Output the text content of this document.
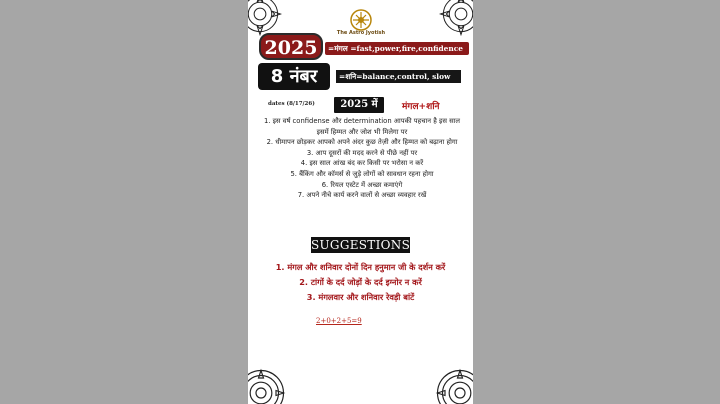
The Astro Jyotish
2025	=मंगल =fast,power,fire,confidence
8 नंबर	=शनि=balance,control, slow
dates (8/17/26)	2025 में	मंगल+शनि
1. इस वर्ष confidense और determination आपकी पहचान है इस साल इसमें हिम्मत और जोश भी मिलेगा पर
2. धीमापन छोड़कर आपको अपने अंदर कुछ तेज़ी और हिम्मत को बढ़ाना होगा
3. आप दूसरों की मदद करने से पीछे नहीं पर
4. इस साल आंख बंद कर किसी पर भरोसा न करें
5. बैंकिंग और कॉमर्स से जुड़े लोगों को सावधान रहना होगा
6. रियल एस्टेट में अच्छा कमाएंगे
7. अपने नीचे कार्य करने वालों से अच्छा व्यवहार रखें
SUGGESTIONS
1. मंगल और शनिवार दोनों दिन हनुमान जी के दर्शन करें
2. टांगों के दर्द जोड़ों के दर्द इग्नोर न करें
3. मंगलवार और शनिवार रेवड़ी बांटें
2+0+2+5=9
